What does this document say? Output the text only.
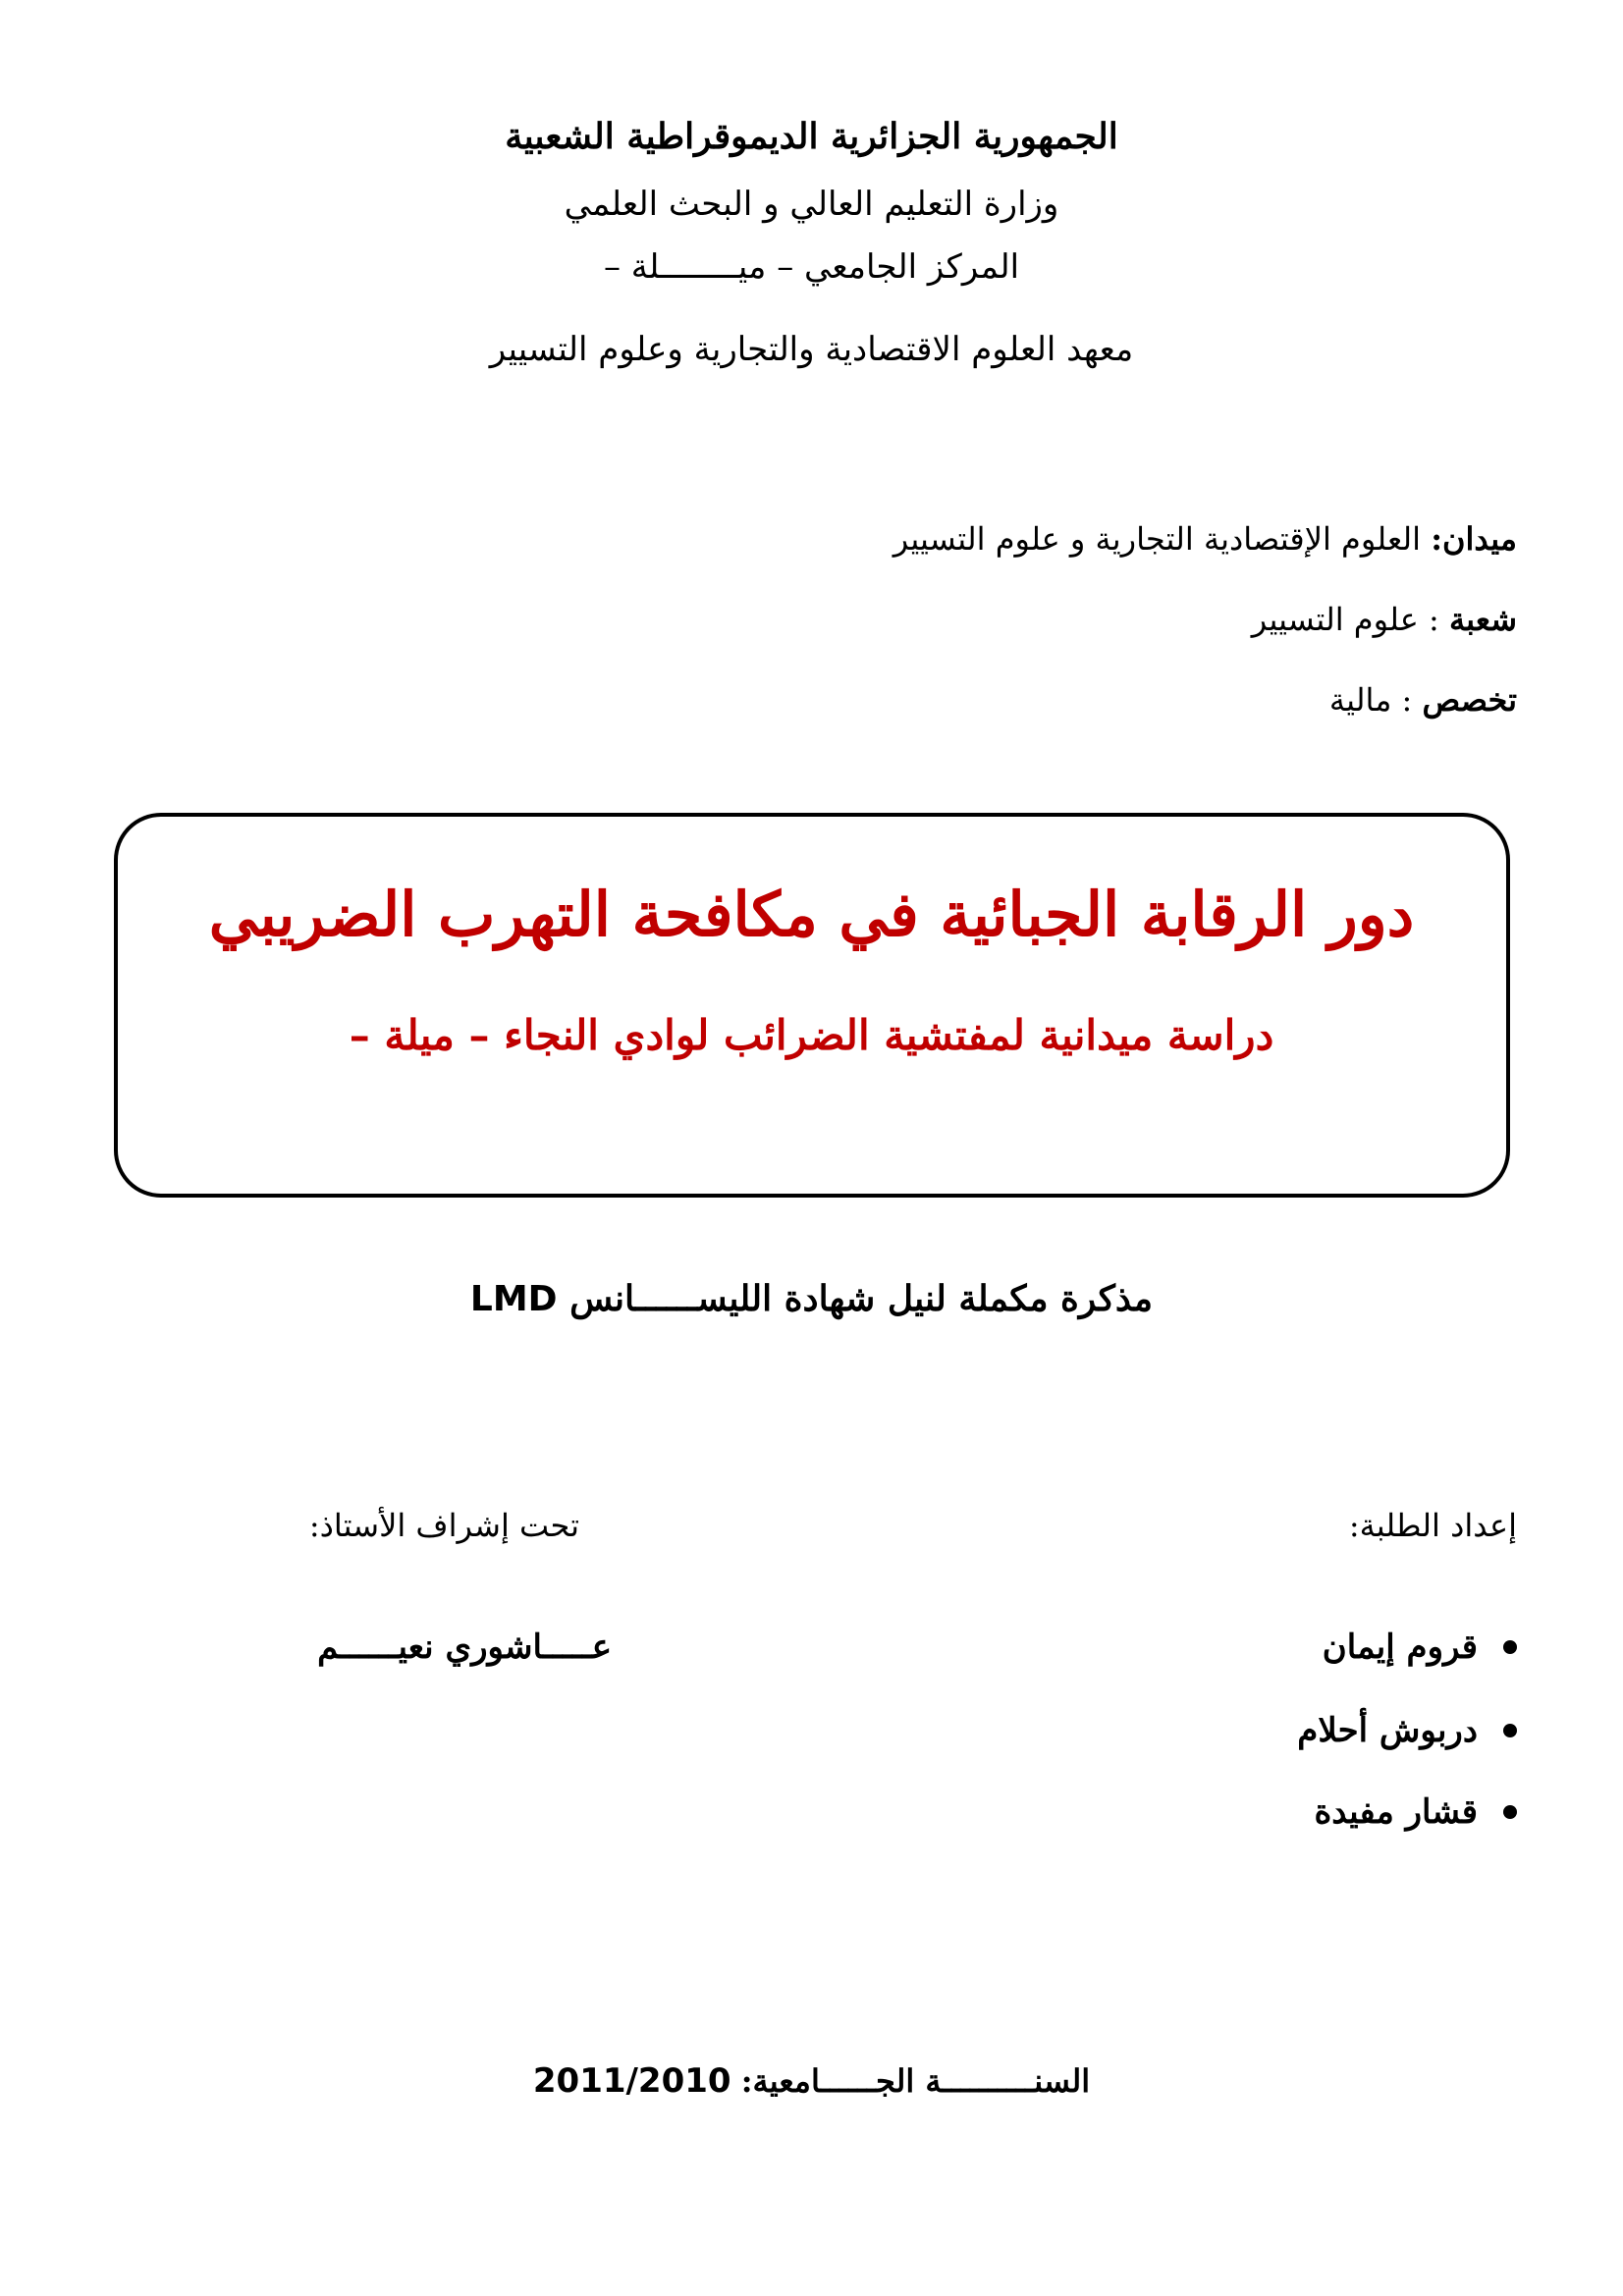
الجمهورية الجزائرية الديموقراطية الشعبية
وزارة التعليم العالي و البحث العلمي
المركز الجامعي – ميــــــــلة –
معهد العلوم الاقتصادية والتجارية وعلوم التسيير
ميدان: العلوم الإقتصادية التجارية و علوم التسيير
شعبة : علوم التسيير
تخصص : مالية
دور الرقابة الجبائية في مكافحة التهرب الضريبي
دراسة ميدانية لمفتشية الضرائب لوادي النجاء – ميلة –
مذكرة مكملة لنيل شهادة الليســــــانس LMD
إعداد الطلبة:
تحت إشراف الأستاذ:
قروم إيمان
دربوش أحلام
قشار مفيدة
عـــــاشوري نعيــــــم
السنــــــــــة الجــــــامعية: 2011/2010
